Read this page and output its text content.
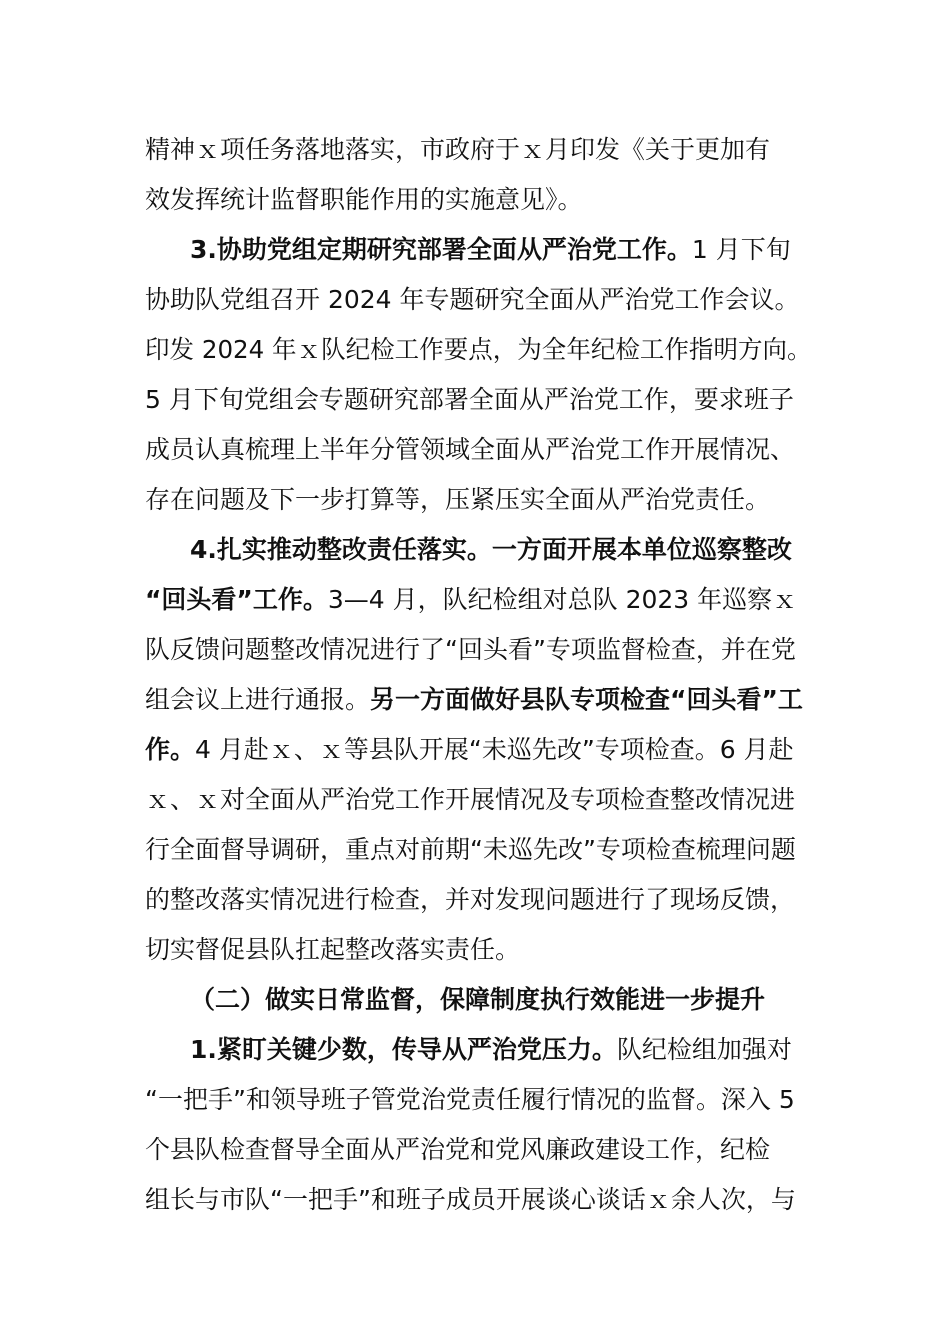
精神ｘ项任务落地落实，市政府于ｘ月印发《关于更加有
效发挥统计监督职能作用的实施意见》。
3.协助党组定期研究部署全面从严治党工作。1 月下旬
协助队党组召开 2024 年专题研究全面从严治党工作会议。
印发 2024 年ｘ队纪检工作要点，为全年纪检工作指明方向。
5 月下旬党组会专题研究部署全面从严治党工作，要求班子
成员认真梳理上半年分管领域全面从严治党工作开展情况、
存在问题及下一步打算等，压紧压实全面从严治党责任。
4.扎实推动整改责任落实。一方面开展本单位巡察整改
“回头看”工作。3—4 月，队纪检组对总队 2023 年巡察ｘ
队反馈问题整改情况进行了“回头看”专项监督检查，并在党
组会议上进行通报。另一方面做好县队专项检查“回头看”工
作。4 月赴ｘ、ｘ等县队开展“未巡先改”专项检查。6 月赴
ｘ、ｘ对全面从严治党工作开展情况及专项检查整改情况进
行全面督导调研，重点对前期“未巡先改”专项检查梳理问题
的整改落实情况进行检查，并对发现问题进行了现场反馈，
切实督促县队扛起整改落实责任。
（二）做实日常监督，保障制度执行效能进一步提升
1.紧盯关键少数，传导从严治党压力。队纪检组加强对
“一把手”和领导班子管党治党责任履行情况的监督。深入 5
个县队检查督导全面从严治党和党风廉政建设工作，纪检
组长与市队“一把手”和班子成员开展谈心谈话ｘ余人次，与
